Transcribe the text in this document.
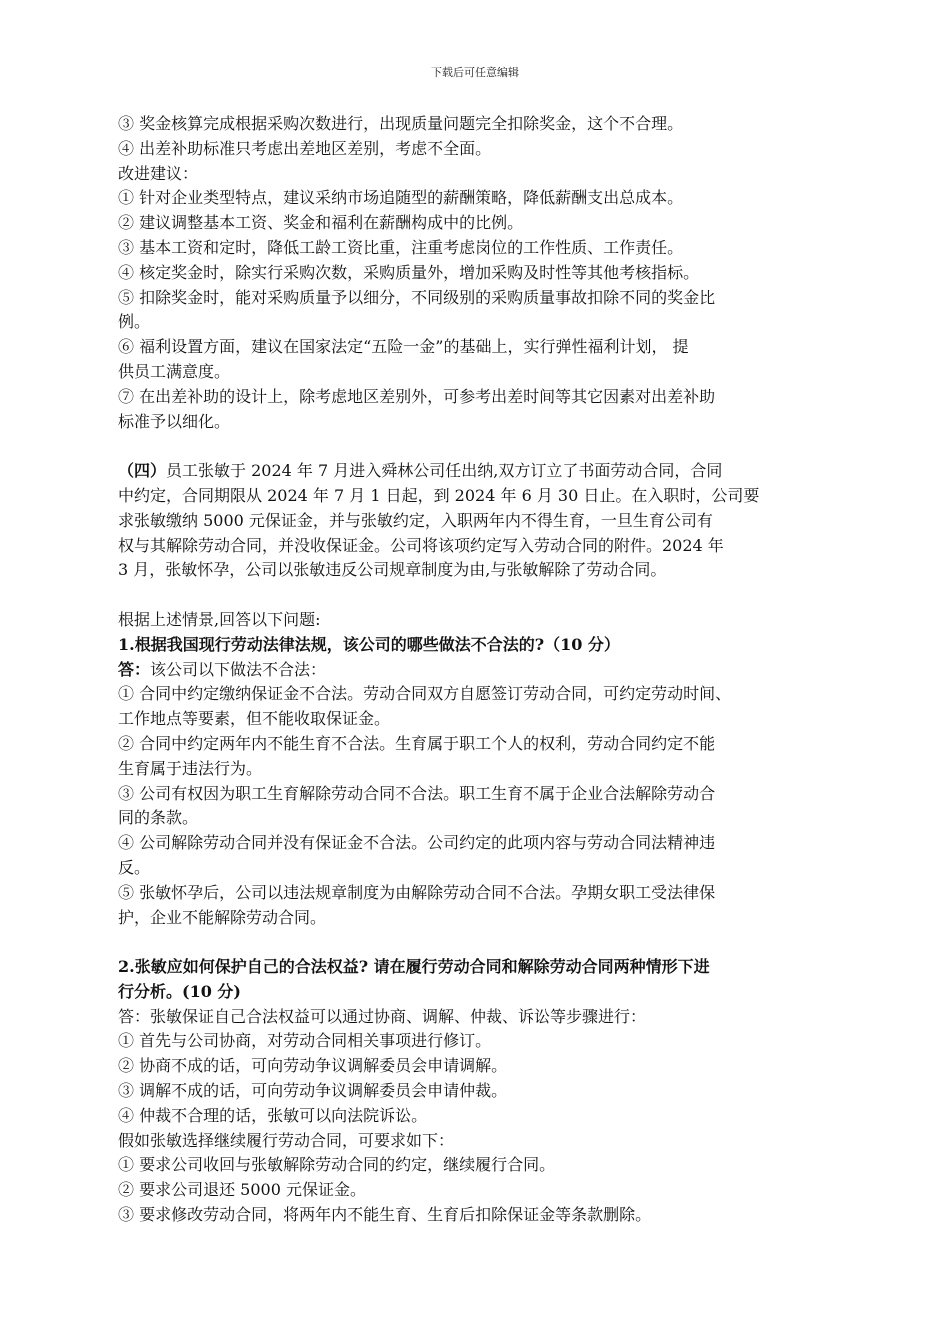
下载后可任意编辑
③ 奖金核算完成根据采购次数进行，出现质量问题完全扣除奖金，这个不合理。
④ 出差补助标准只考虑出差地区差别，考虑不全面。
改进建议：
① 针对企业类型特点，建议采纳市场追随型的薪酬策略，降低薪酬支出总成本。
② 建议调整基本工资、奖金和福利在薪酬构成中的比例。
③ 基本工资和定时，降低工龄工资比重，注重考虑岗位的工作性质、工作责任。
④ 核定奖金时，除实行采购次数，采购质量外，增加采购及时性等其他考核指标。
⑤ 扣除奖金时，能对采购质量予以细分，不同级别的采购质量事故扣除不同的奖金比
例。
⑥ 福利设置方面，建议在国家法定“五险一金”的基础上，实行弹性福利计划， 提
供员工满意度。
⑦ 在出差补助的设计上，除考虑地区差别外，可参考出差时间等其它因素对出差补助
标准予以细化。
（四）员工张敏于 2024 年 7 月进入舜林公司任出纳,双方订立了书面劳动合同，合同
中约定，合同期限从 2024 年 7 月 1 日起，到 2024 年 6 月 30 日止。在入职时，公司要
求张敏缴纳 5000 元保证金，并与张敏约定，入职两年内不得生育，一旦生育公司有
权与其解除劳动合同，并没收保证金。公司将该项约定写入劳动合同的附件。2024 年
3 月，张敏怀孕，公司以张敏违反公司规章制度为由,与张敏解除了劳动合同。
根据上述情景,回答以下问题:
1.根据我国现行劳动法律法规，该公司的哪些做法不合法的?（10 分）
答：该公司以下做法不合法：
① 合同中约定缴纳保证金不合法。劳动合同双方自愿签订劳动合同，可约定劳动时间、
工作地点等要素，但不能收取保证金。
② 合同中约定两年内不能生育不合法。生育属于职工个人的权利，劳动合同约定不能
生育属于违法行为。
③ 公司有权因为职工生育解除劳动合同不合法。职工生育不属于企业合法解除劳动合
同的条款。
④ 公司解除劳动合同并没有保证金不合法。公司约定的此项内容与劳动合同法精神违
反。
⑤ 张敏怀孕后，公司以违法规章制度为由解除劳动合同不合法。孕期女职工受法律保
护，企业不能解除劳动合同。
2.张敏应如何保护自己的合法权益? 请在履行劳动合同和解除劳动合同两种情形下进
行分析。(10 分)
答：张敏保证自己合法权益可以通过协商、调解、仲裁、诉讼等步骤进行：
① 首先与公司协商，对劳动合同相关事项进行修订。
② 协商不成的话，可向劳动争议调解委员会申请调解。
③ 调解不成的话，可向劳动争议调解委员会申请仲裁。
④ 仲裁不合理的话，张敏可以向法院诉讼。
假如张敏选择继续履行劳动合同，可要求如下：
① 要求公司收回与张敏解除劳动合同的约定，继续履行合同。
② 要求公司退还 5000 元保证金。
③ 要求修改劳动合同，将两年内不能生育、生育后扣除保证金等条款删除。
